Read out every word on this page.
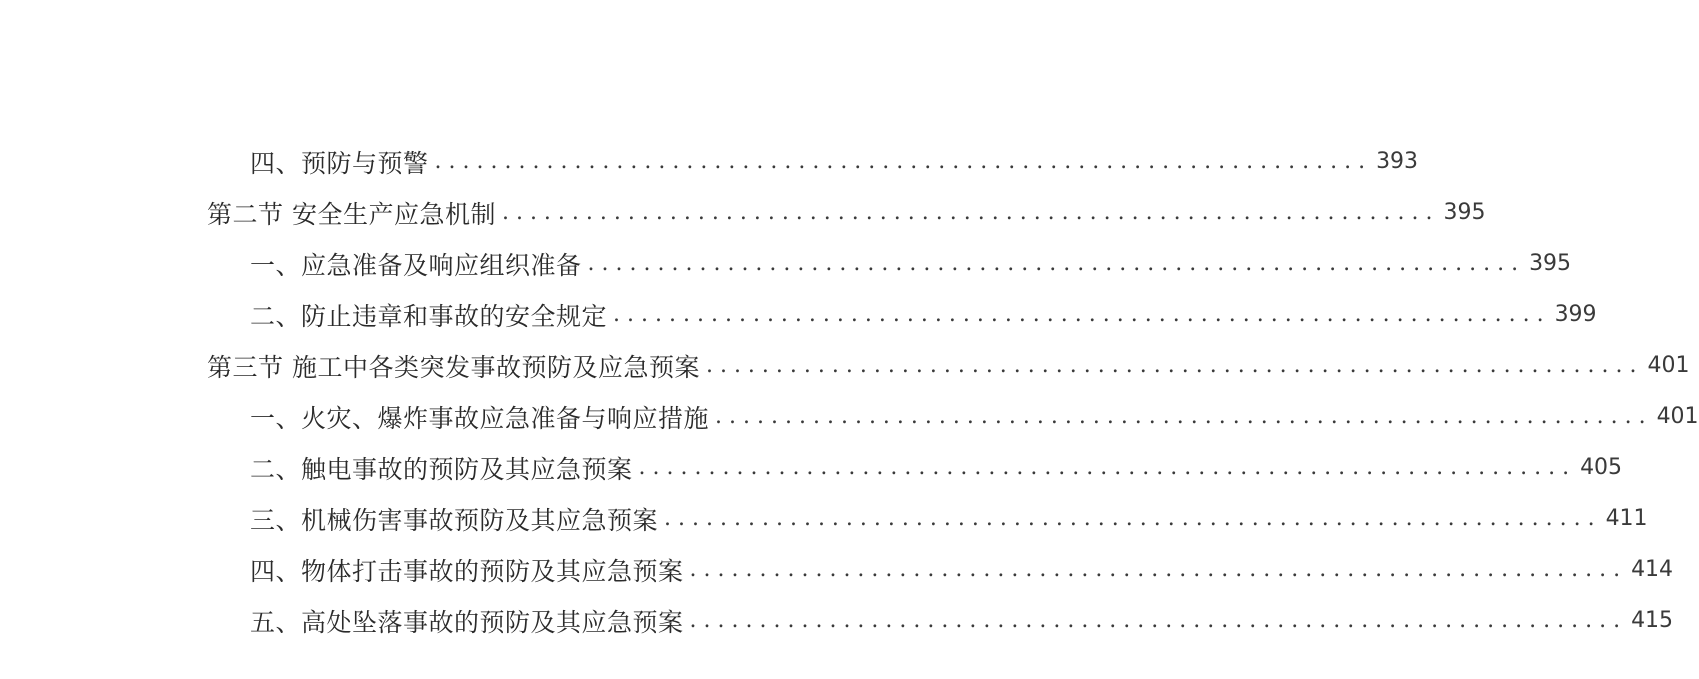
四、预防与预警 ................................................................... 393
第二节 安全生产应急机制 ................................................................... 395
一、应急准备及响应组织准备 ................................................................... 395
二、防止违章和事故的安全规定 ................................................................... 399
第三节 施工中各类突发事故预防及应急预案 ................................................................... 401
一、火灾、爆炸事故应急准备与响应措施 ................................................................... 401
二、触电事故的预防及其应急预案 ................................................................... 405
三、机械伤害事故预防及其应急预案 ................................................................... 411
四、物体打击事故的预防及其应急预案 ................................................................... 414
五、高处坠落事故的预防及其应急预案 ................................................................... 415
